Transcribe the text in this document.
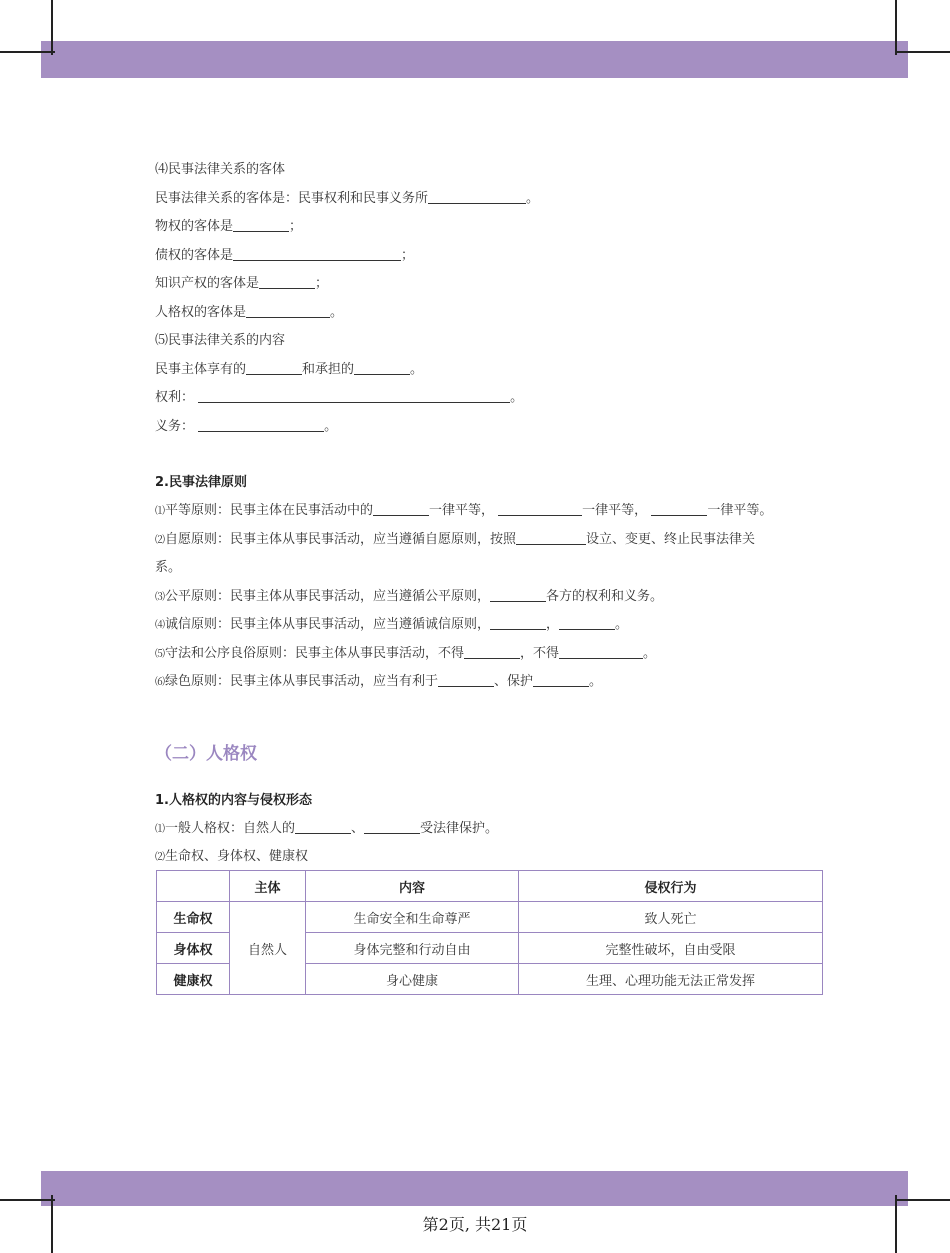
⑷民事法律关系的客体
民事法律关系的客体是：民事权利和民事义务所	。
物权的客体是	；
债权的客体是	；
知识产权的客体是	；
人格权的客体是	。
⑸民事法律关系的内容
民事主体享有的	和承担的	。
权利：	。
义务：	。
2.民事法律原则
⑴平等原则：民事主体在民事活动中的	一律平等，	一律平等，	一律平等。
⑵自愿原则：民事主体从事民事活动，应当遵循自愿原则，按照	设立、变更、终止民事法律关
系。
⑶公平原则：民事主体从事民事活动，应当遵循公平原则，	各方的权利和义务。
⑷诚信原则：民事主体从事民事活动，应当遵循诚信原则，	，	。
⑸守法和公序良俗原则：民事主体从事民事活动，不得	，不得	。
⑹绿色原则：民事主体从事民事活动，应当有利于	、保护	。
（二）人格权
1.人格权的内容与侵权形态
⑴一般人格权：自然人的	、	受法律保护。
⑵生命权、身体权、健康权
	主体	内容	侵权行为
生命权	自然人	生命安全和生命尊严	致人死亡
身体权		身体完整和行动自由	完整性破坏，自由受限
健康权		身心健康	生理、心理功能无法正常发挥
第2页, 共21页
